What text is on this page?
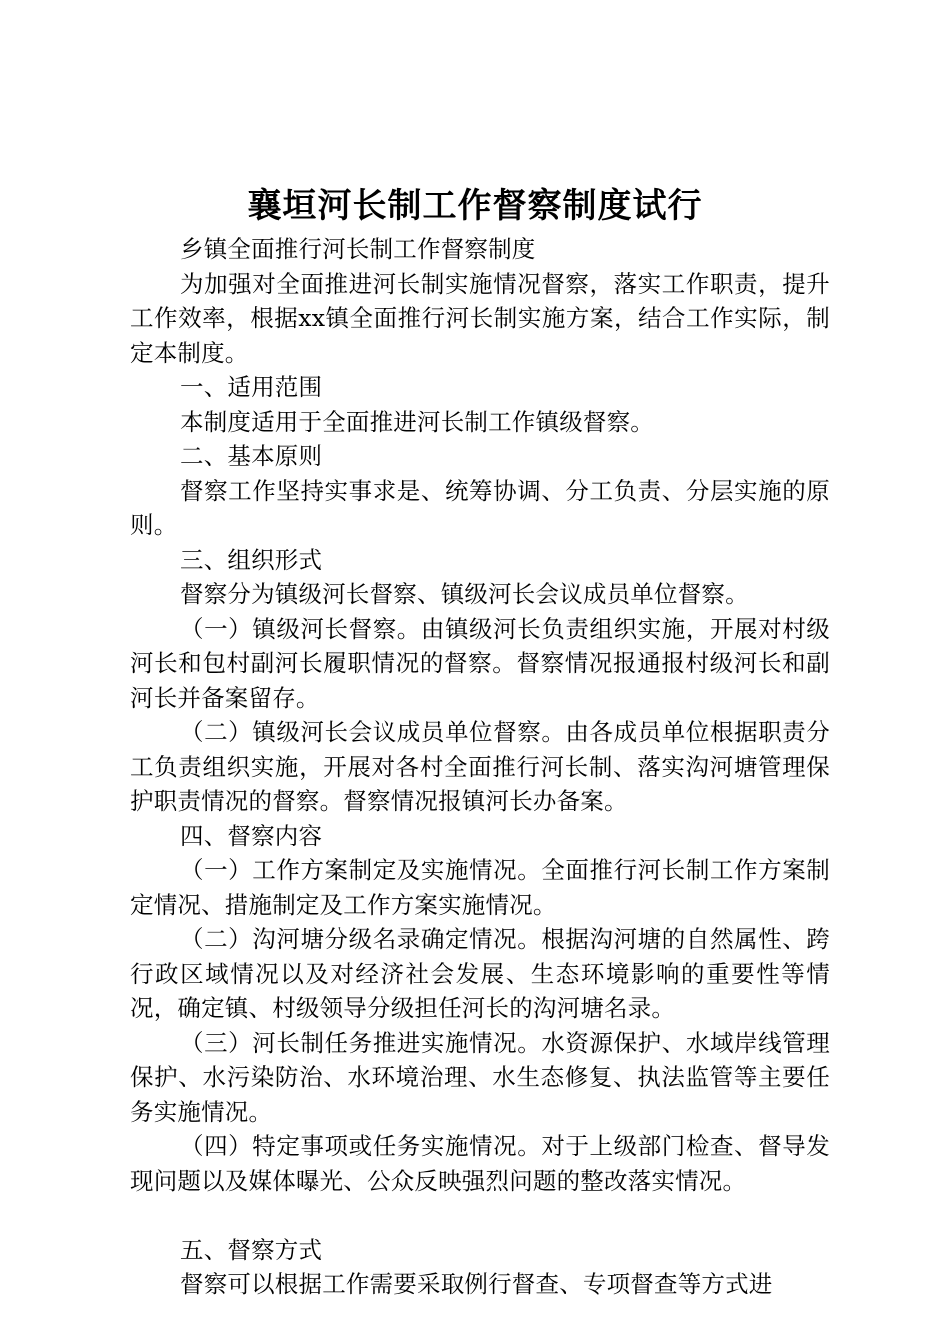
襄垣河长制工作督察制度试行

乡镇全面推行河长制工作督察制度

为加强对全面推进河长制实施情况督察，落实工作职责，提升工作效率，根据xx镇全面推行河长制实施方案，结合工作实际，制定本制度。

一、适用范围

本制度适用于全面推进河长制工作镇级督察。

二、基本原则

督察工作坚持实事求是、统筹协调、分工负责、分层实施的原则。

三、组织形式

督察分为镇级河长督察、镇级河长会议成员单位督察。

（一）镇级河长督察。由镇级河长负责组织实施，开展对村级河长和包村副河长履职情况的督察。督察情况报通报村级河长和副河长并备案留存。

（二）镇级河长会议成员单位督察。由各成员单位根据职责分工负责组织实施，开展对各村全面推行河长制、落实沟河塘管理保护职责情况的督察。督察情况报镇河长办备案。

四、督察内容

（一）工作方案制定及实施情况。全面推行河长制工作方案制定情况、措施制定及工作方案实施情况。

（二）沟河塘分级名录确定情况。根据沟河塘的自然属性、跨行政区域情况以及对经济社会发展、生态环境影响的重要性等情况，确定镇、村级领导分级担任河长的沟河塘名录。

（三）河长制任务推进实施情况。水资源保护、水域岸线管理保护、水污染防治、水环境治理、水生态修复、执法监管等主要任务实施情况。

（四）特定事项或任务实施情况。对于上级部门检查、督导发现问题以及媒体曝光、公众反映强烈问题的整改落实情况。

五、督察方式

督察可以根据工作需要采取例行督查、专项督查等方式进
